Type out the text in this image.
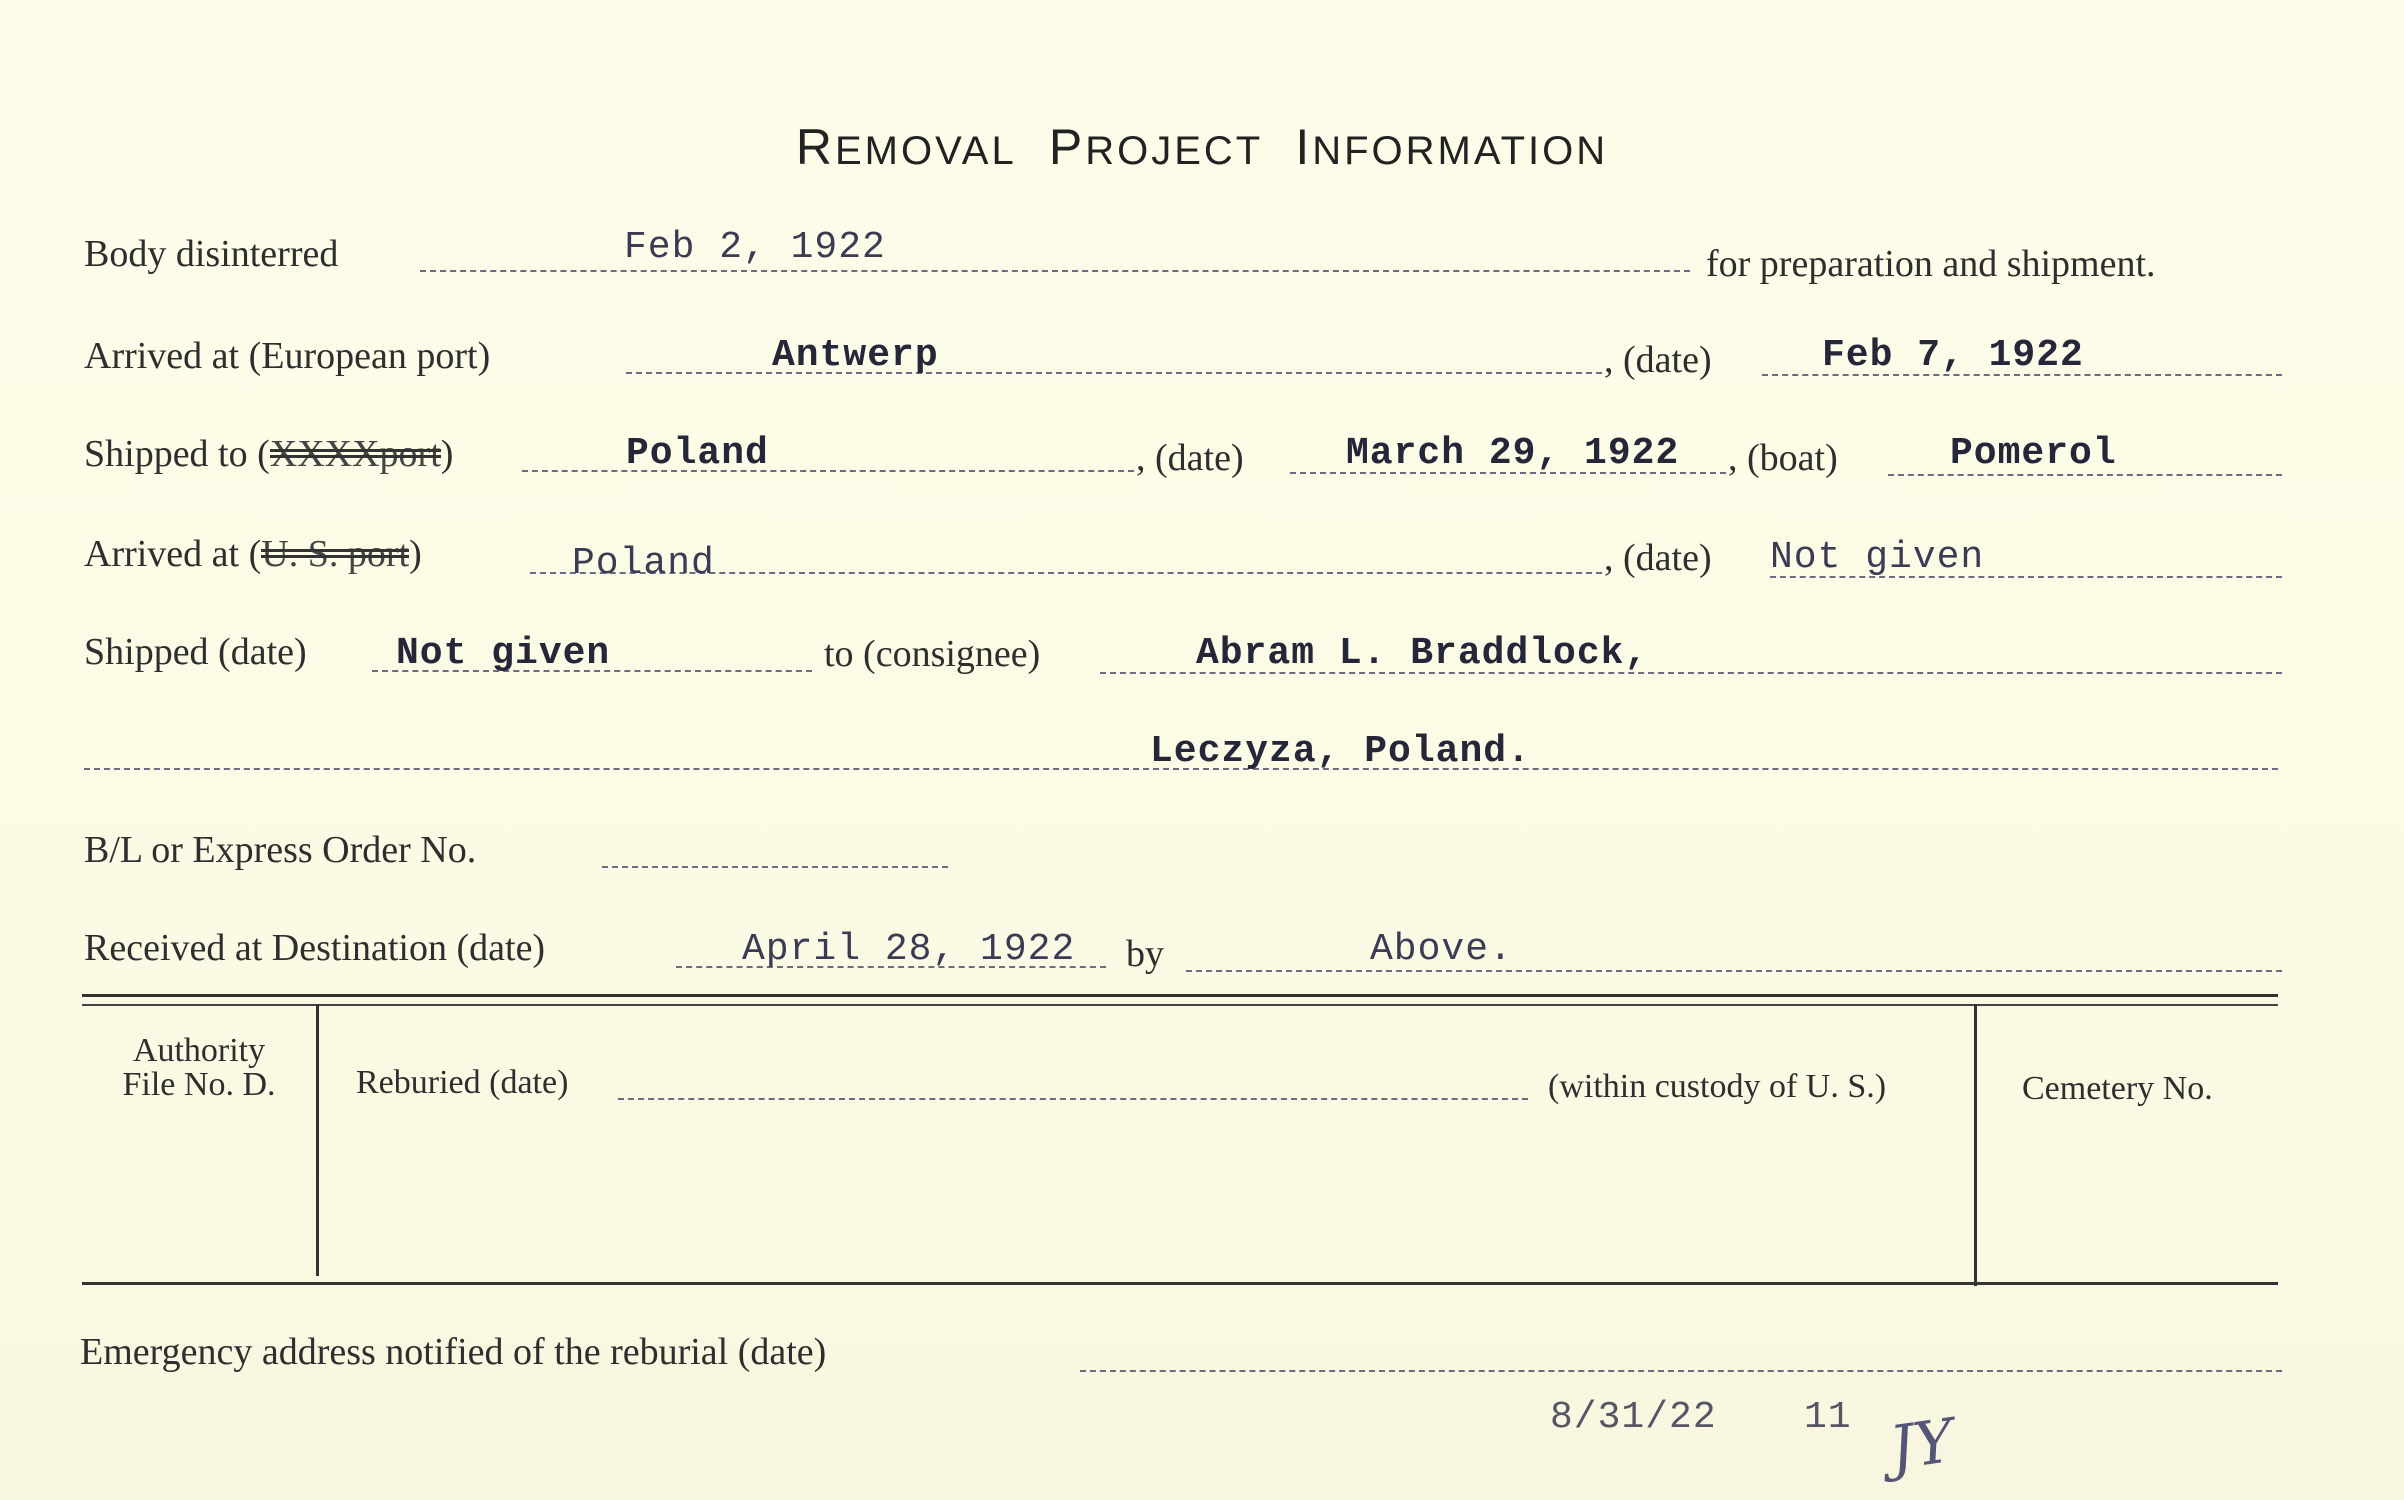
REMOVAL  PROJECT  INFORMATION
Body disinterred	Feb 2, 1922	for preparation and shipment.
Arrived at (European port)	Antwerp	, (date)	Feb 7, 1922
Shipped to (XXXXport)	Poland	, (date)	March 29, 1922 , (boat)	Pomerol
Arrived at (U. S. port)	Poland	, (date) Not given
Shipped (date) Not given	to (consignee)	Abram L. Braddlock,
Leczyza, Poland.
B/L or Express Order No.
Received at Destination (date)	April 28, 1922 by	Above.
Authority
File No. D.	Reburied (date)	(within custody of U. S.)	Cemetery No.
Emergency address notified of the reburial (date)
8/31/22 11 JY
